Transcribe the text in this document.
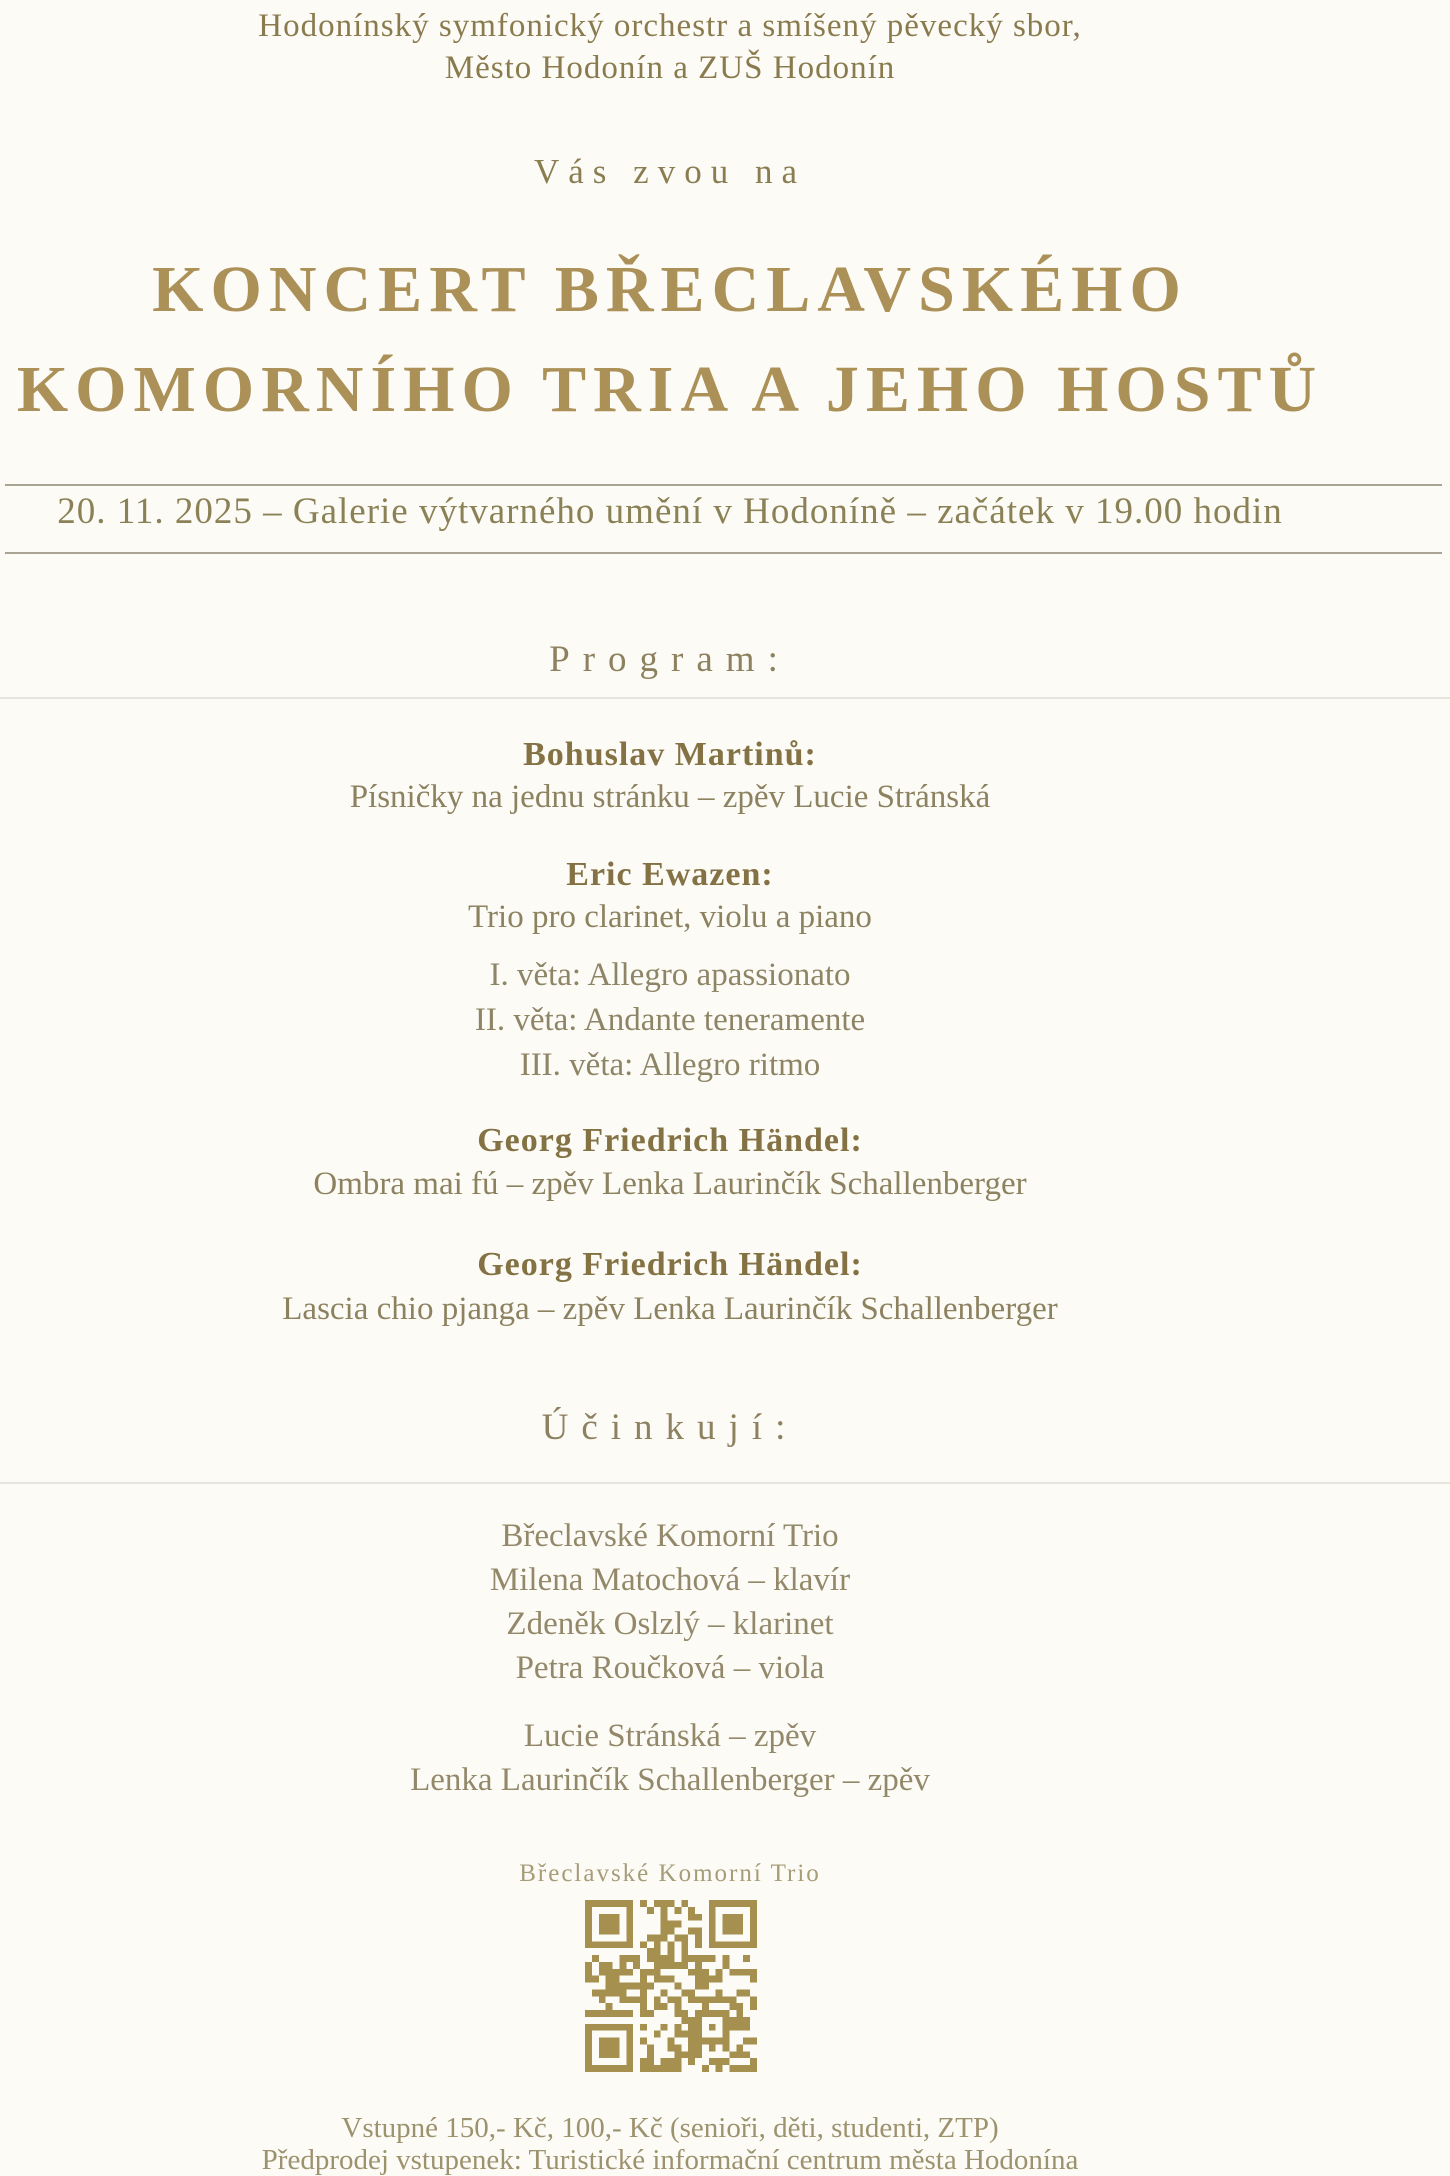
Hodonínský symfonický orchestr a smíšený pěvecký sbor,
Město Hodonín a ZUŠ Hodonín
Vás zvou na
KONCERT BŘECLAVSKÉHO
KOMORNÍHO TRIA A JEHO HOSTŮ
20. 11. 2025 – Galerie výtvarného umění v Hodoníně – začátek v 19.00 hodin
Program:
Bohuslav Martinů:
Písničky na jednu stránku – zpěv Lucie Stránská
Eric Ewazen:
Trio pro clarinet, violu a piano
I. věta: Allegro apassionato
II. věta: Andante teneramente
III. věta: Allegro ritmo
Georg Friedrich Händel:
Ombra mai fú – zpěv Lenka Laurinčík Schallenberger
Georg Friedrich Händel:
Lascia chio pjanga – zpěv Lenka Laurinčík Schallenberger
Účinkují:
Břeclavské Komorní Trio
Milena Matochová – klavír
Zdeněk Oslzlý – klarinet
Petra Roučková – viola
Lucie Stránská – zpěv
Lenka Laurinčík Schallenberger – zpěv
Břeclavské Komorní Trio
Vstupné 150,- Kč, 100,- Kč (senioři, děti, studenti, ZTP)
Předprodej vstupenek: Turistické informační centrum města Hodonína
